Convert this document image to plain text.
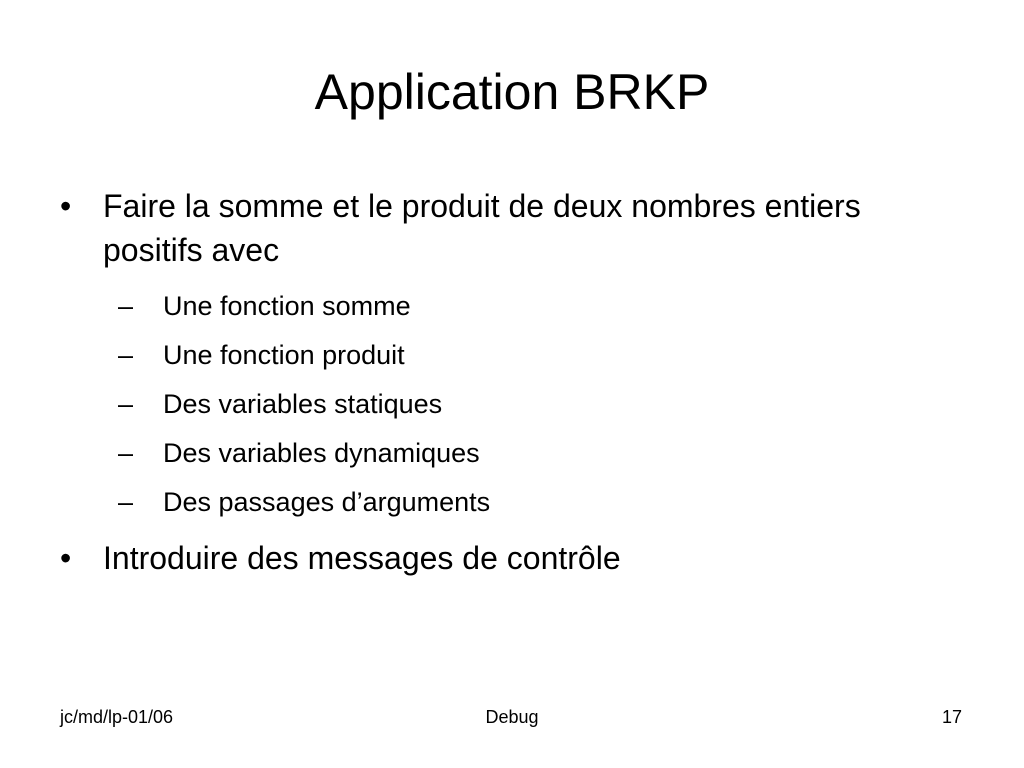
Application BRKP
• Faire la somme et le produit de deux nombres entiers positifs avec
– Une fonction somme
– Une fonction produit
– Des variables statiques
– Des variables dynamiques
– Des passages d’arguments
• Introduire des messages de contrôle
jc/md/lp-01/06	Debug	17
